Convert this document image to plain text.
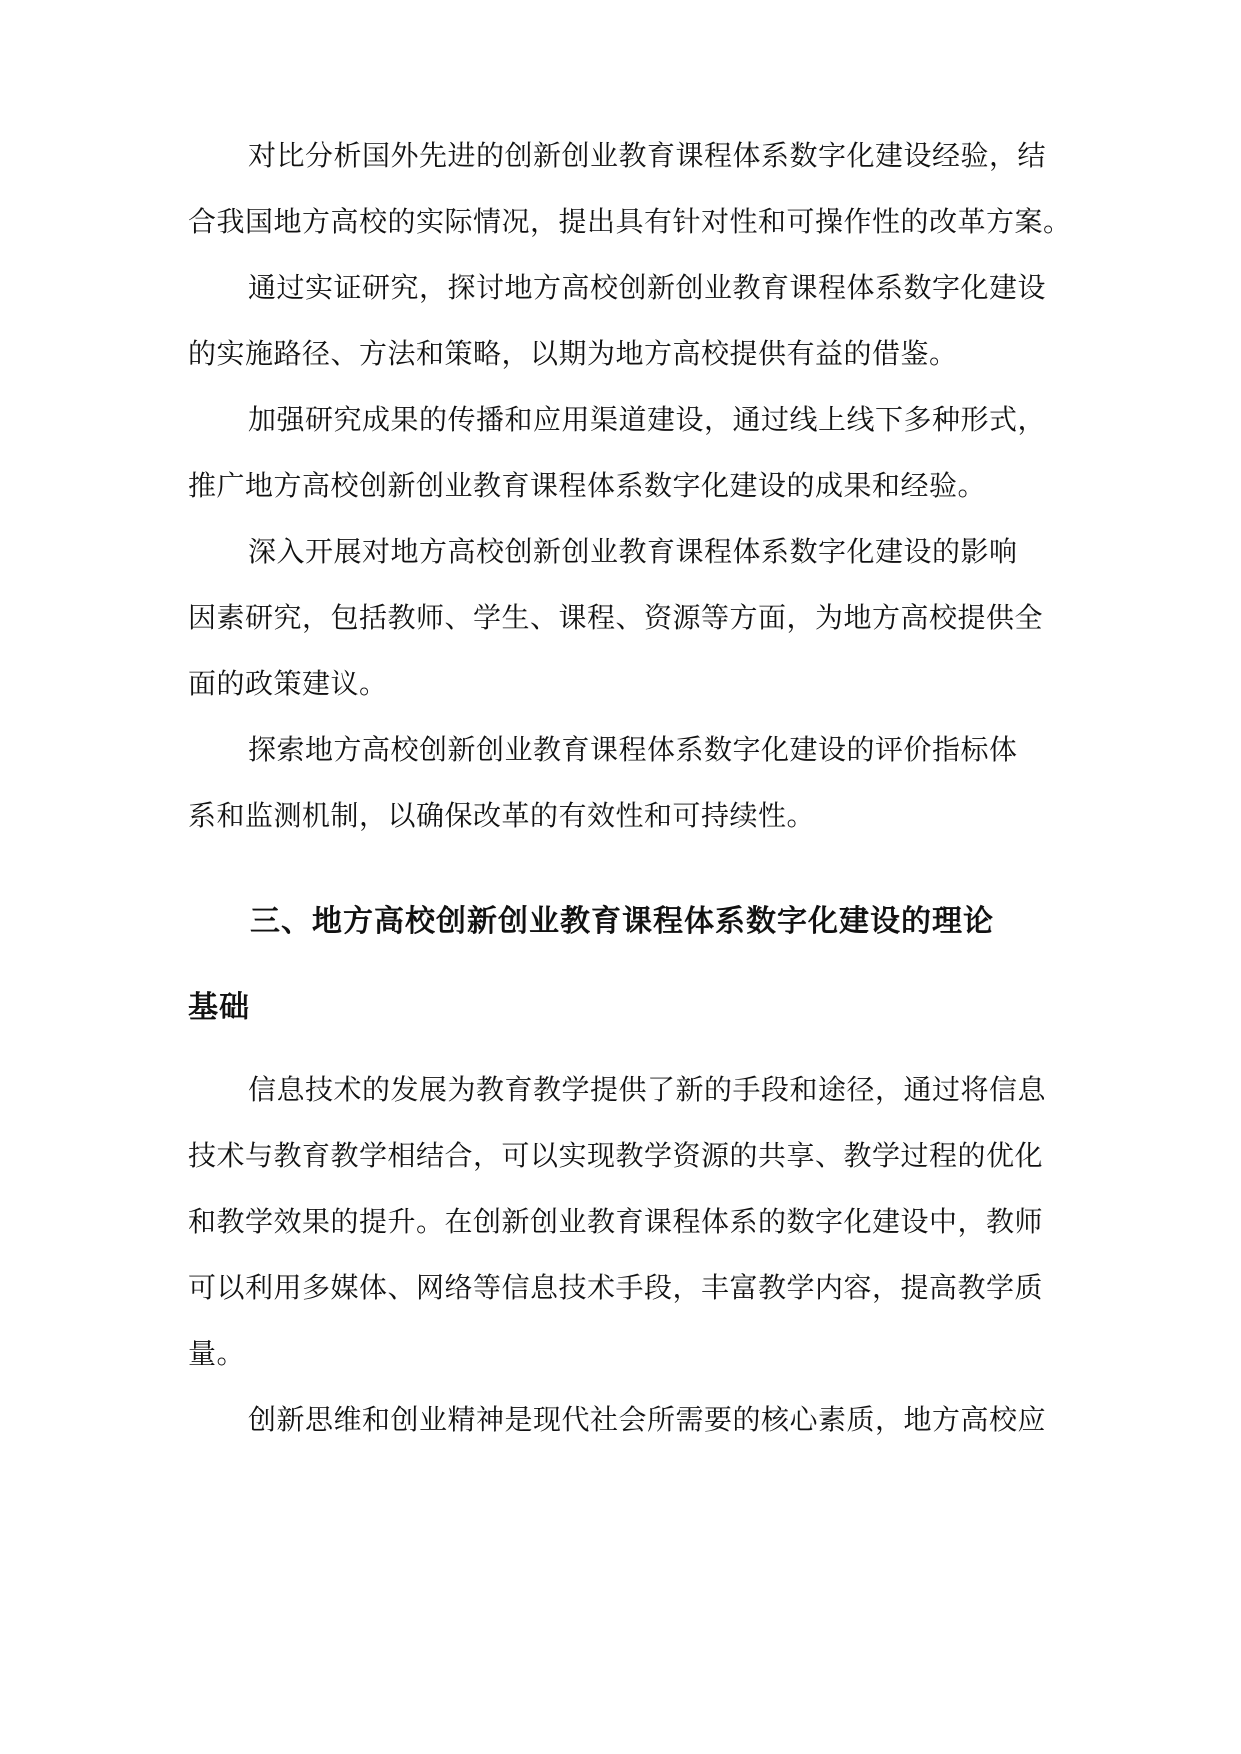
对比分析国外先进的创新创业教育课程体系数字化建设经验，结
合我国地方高校的实际情况，提出具有针对性和可操作性的改革方案。
通过实证研究，探讨地方高校创新创业教育课程体系数字化建设
的实施路径、方法和策略，以期为地方高校提供有益的借鉴。
加强研究成果的传播和应用渠道建设，通过线上线下多种形式，
推广地方高校创新创业教育课程体系数字化建设的成果和经验。
深入开展对地方高校创新创业教育课程体系数字化建设的影响
因素研究，包括教师、学生、课程、资源等方面，为地方高校提供全
面的政策建议。
探索地方高校创新创业教育课程体系数字化建设的评价指标体
系和监测机制，以确保改革的有效性和可持续性。
三、地方高校创新创业教育课程体系数字化建设的理论
基础
信息技术的发展为教育教学提供了新的手段和途径，通过将信息
技术与教育教学相结合，可以实现教学资源的共享、教学过程的优化
和教学效果的提升。在创新创业教育课程体系的数字化建设中，教师
可以利用多媒体、网络等信息技术手段，丰富教学内容，提高教学质
量。
创新思维和创业精神是现代社会所需要的核心素质，地方高校应
